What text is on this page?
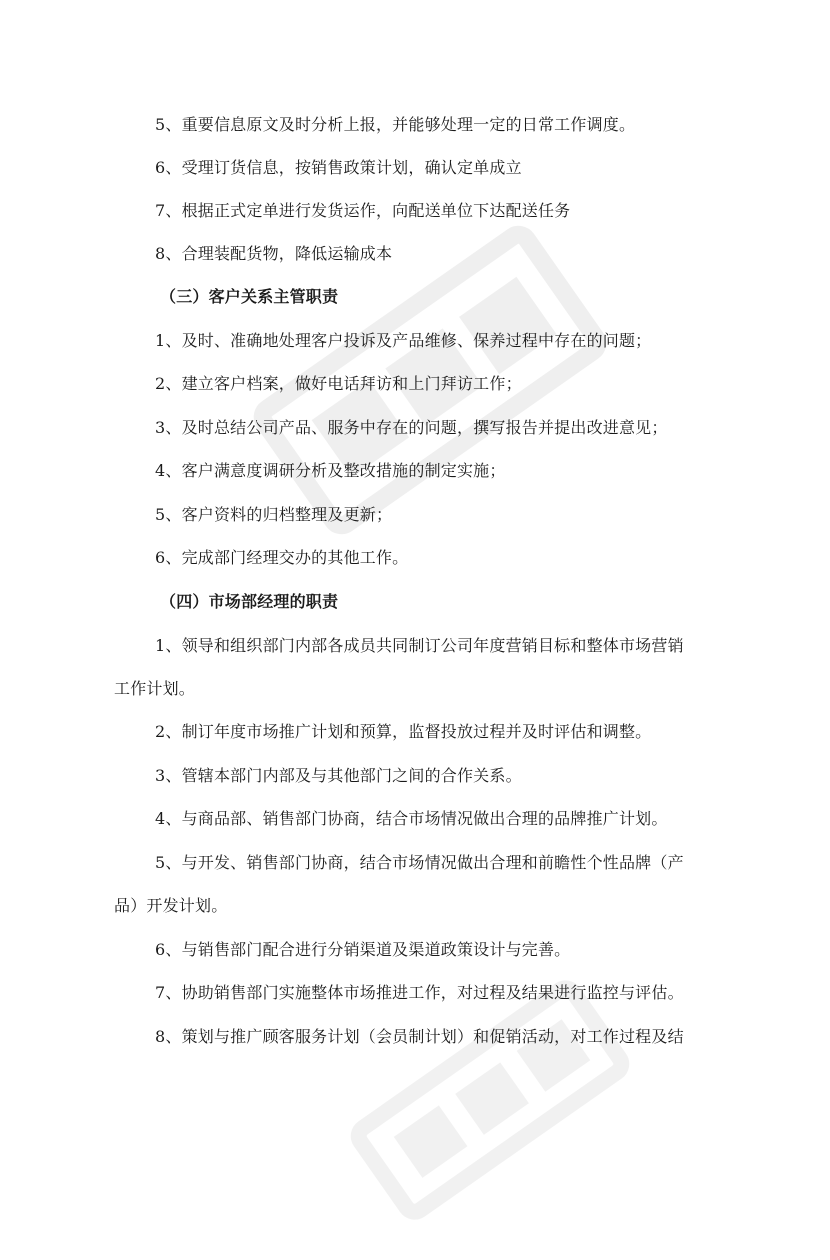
5、重要信息原文及时分析上报，并能够处理一定的日常工作调度。
6、受理订货信息，按销售政策计划，确认定单成立
7、根据正式定单进行发货运作，向配送单位下达配送任务
8、合理装配货物，降低运输成本
（三）客户关系主管职责
1、及时、准确地处理客户投诉及产品维修、保养过程中存在的问题；
2、建立客户档案，做好电话拜访和上门拜访工作；
3、及时总结公司产品、服务中存在的问题，撰写报告并提出改进意见；
4、客户满意度调研分析及整改措施的制定实施；
5、客户资料的归档整理及更新；
6、完成部门经理交办的其他工作。
（四）市场部经理的职责
1、领导和组织部门内部各成员共同制订公司年度营销目标和整体市场营销
工作计划。
2、制订年度市场推广计划和预算，监督投放过程并及时评估和调整。
3、管辖本部门内部及与其他部门之间的合作关系。
4、与商品部、销售部门协商，结合市场情况做出合理的品牌推广计划。
5、与开发、销售部门协商，结合市场情况做出合理和前瞻性个性品牌（产
品）开发计划。
6、与销售部门配合进行分销渠道及渠道政策设计与完善。
7、协助销售部门实施整体市场推进工作，对过程及结果进行监控与评估。
8、策划与推广顾客服务计划（会员制计划）和促销活动，对工作过程及结
